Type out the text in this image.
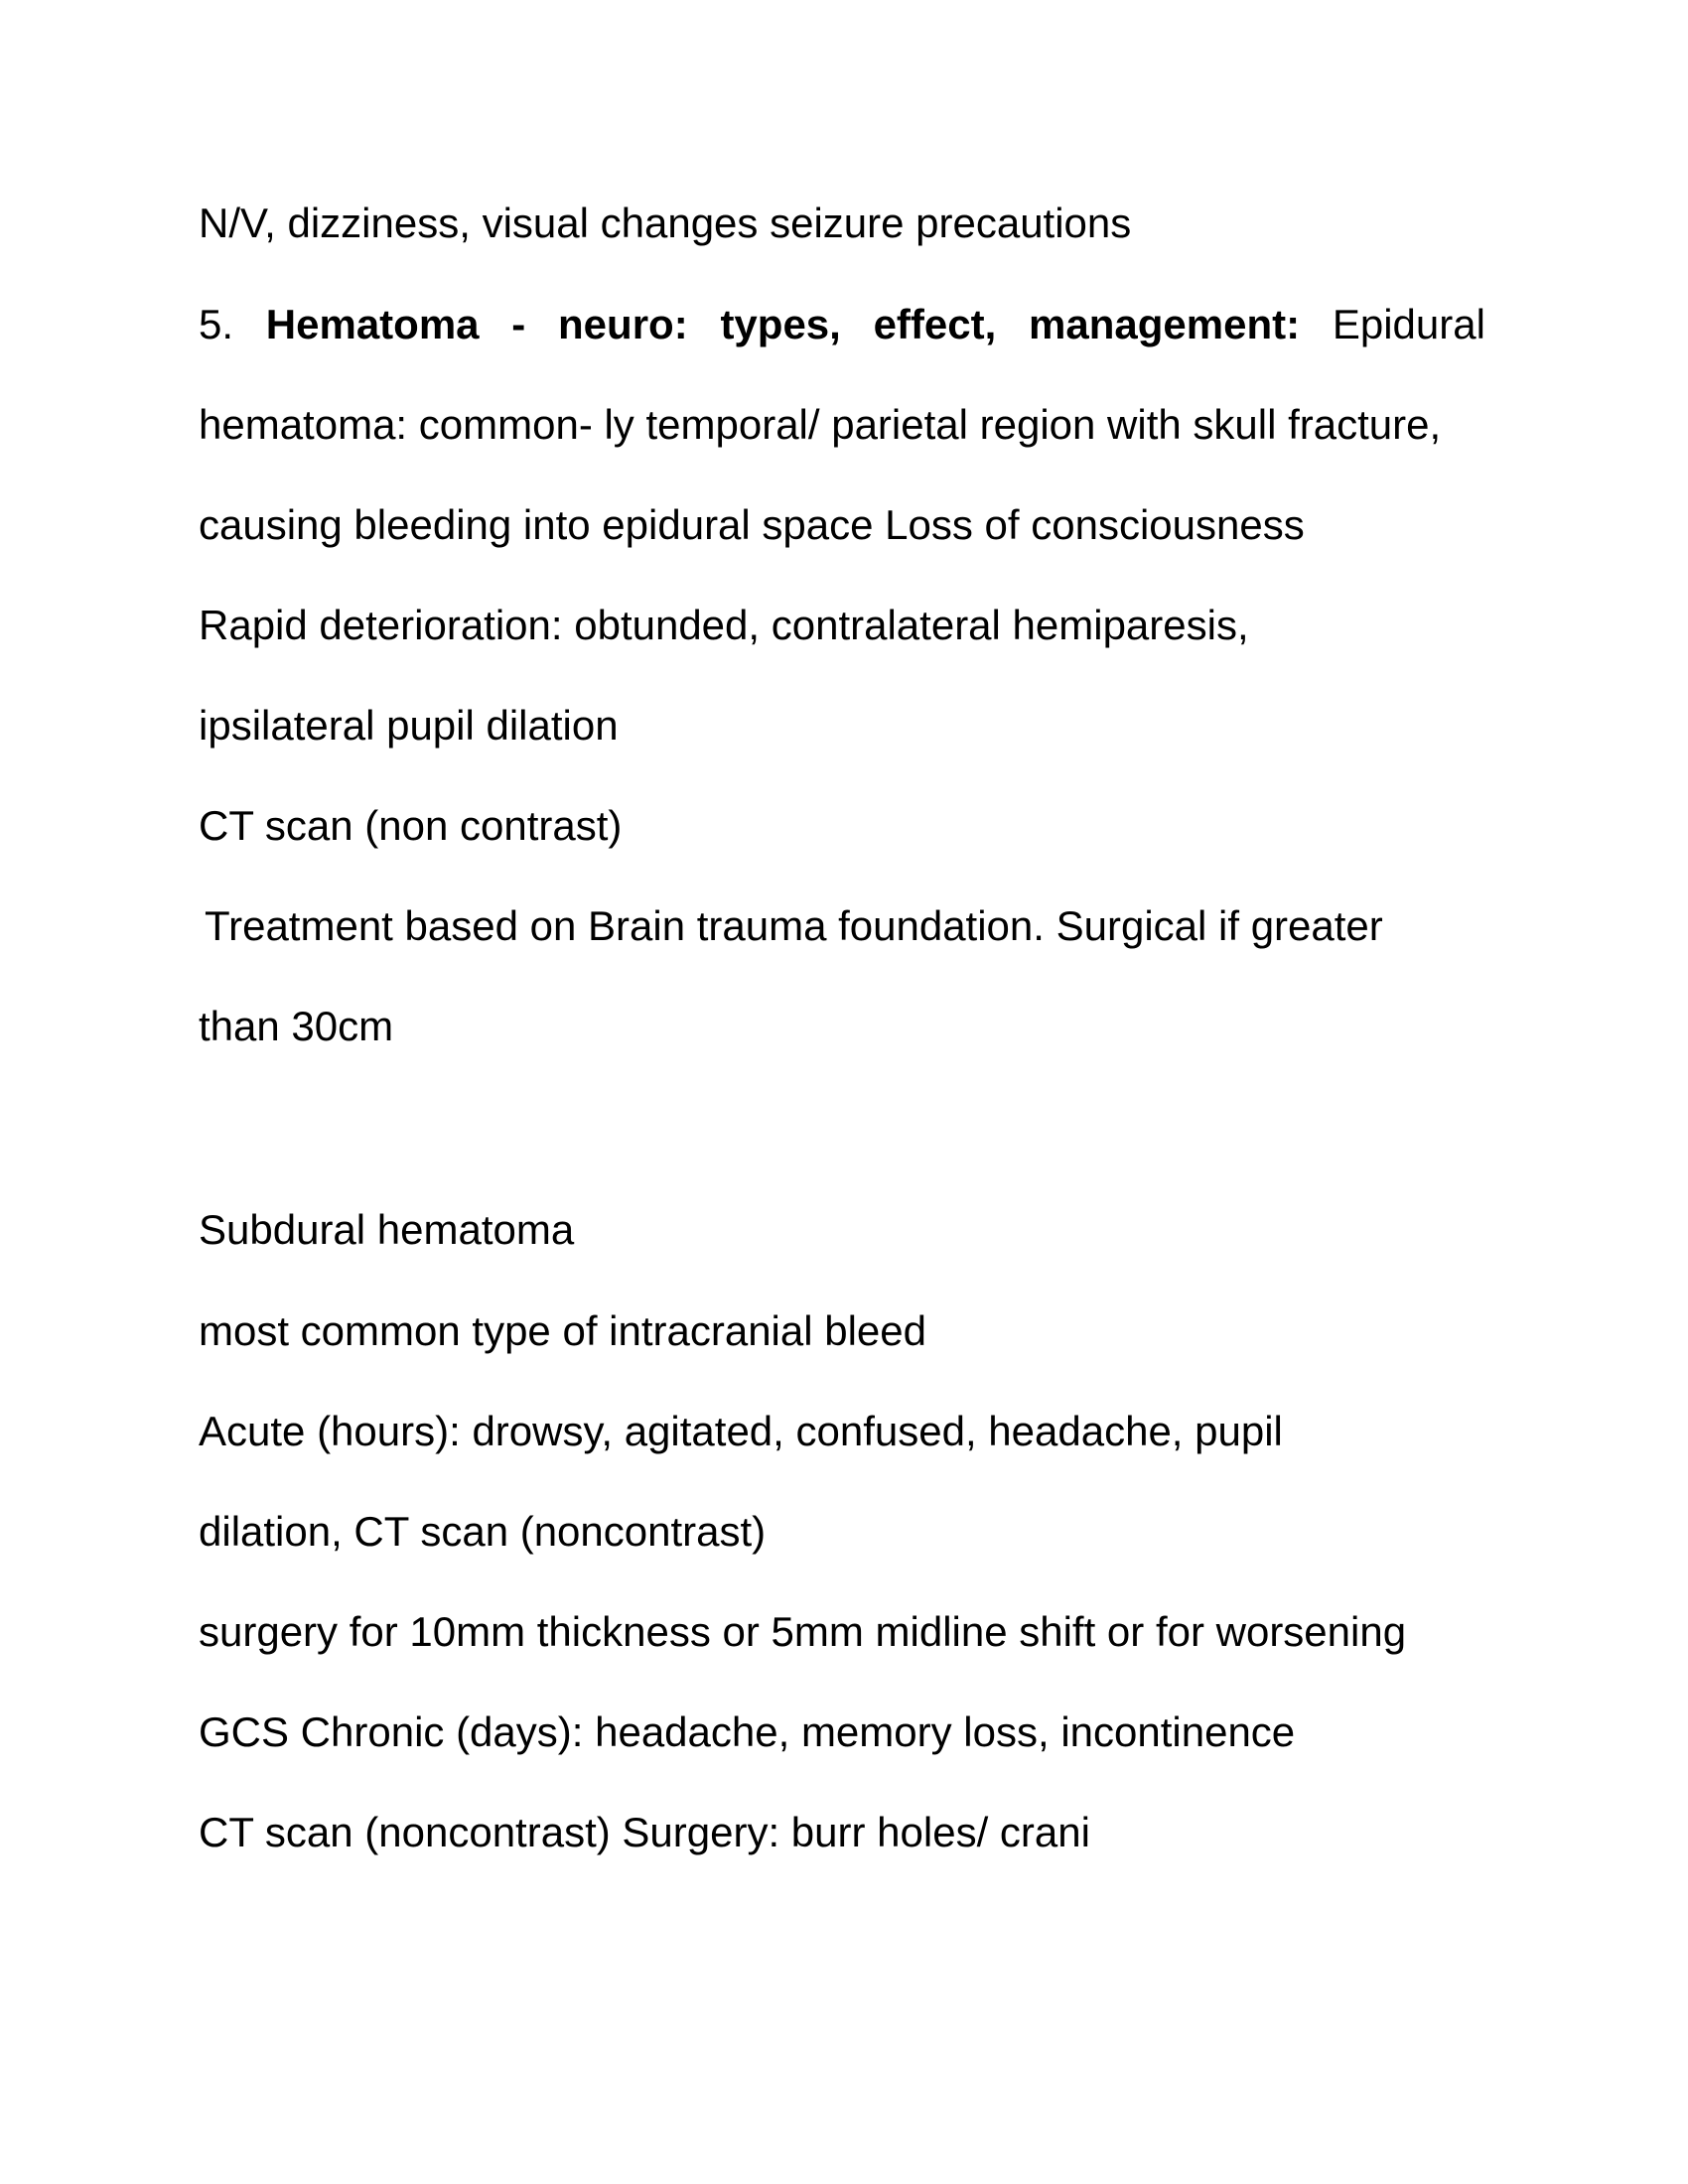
N/V, dizziness, visual changes seizure precautions
5. Hematoma - neuro: types, effect, management: Epidural
hematoma: common- ly temporal/ parietal region with skull fracture,
causing bleeding into epidural space Loss of consciousness
Rapid deterioration: obtunded, contralateral hemiparesis,
ipsilateral pupil dilation
CT scan (non contrast)
Treatment based on Brain trauma foundation. Surgical if greater
than 30cm
Subdural hematoma
most common type of intracranial bleed
Acute (hours): drowsy, agitated, confused, headache, pupil
dilation, CT scan (noncontrast)
surgery for 10mm thickness or 5mm midline shift or for worsening
GCS Chronic (days): headache, memory loss, incontinence
CT scan (noncontrast) Surgery: burr holes/ crani
